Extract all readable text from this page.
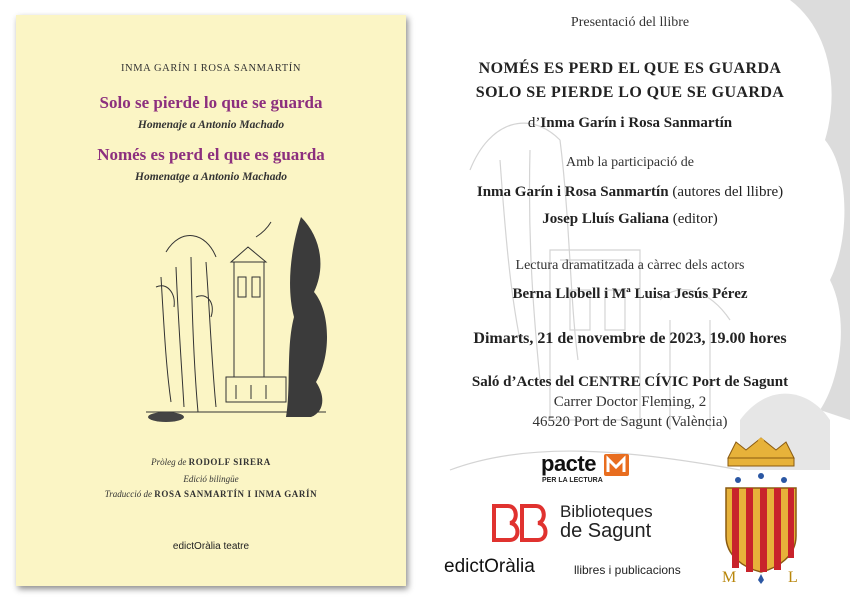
INMA GARÍN I ROSA SANMARTÍN
Solo se pierde lo que se guarda
Homenaje a Antonio Machado
Només es perd el que es guarda
Homenatge a Antonio Machado
Pròleg de RODOLF SIRERA
Edició bilingüe
Traducció de ROSA SANMARTÍN I INMA GARÍN
edictOràlia teatre
Presentació del llibre
NOMÉS ES PERD EL QUE ES GUARDA
SOLO SE PIERDE LO QUE SE GUARDA
d’Inma Garín i Rosa Sanmartín
Amb la participació de
Inma Garín i Rosa Sanmartín (autores del llibre)
Josep Lluís Galiana (editor)
Lectura dramatitzada a càrrec dels actors
Berna Llobell i Mª Luisa Jesús Pérez
Dimarts, 21 de novembre de 2023, 19.00 hores
Saló d’Actes del CENTRE CÍVIC Port de Sagunt
Carrer Doctor Fleming, 2
46520 Port de Sagunt (València)
pacte
PER LA LECTURA
Biblioteques
de Sagunt
edictOràlia	llibres i publicacions	M	L
